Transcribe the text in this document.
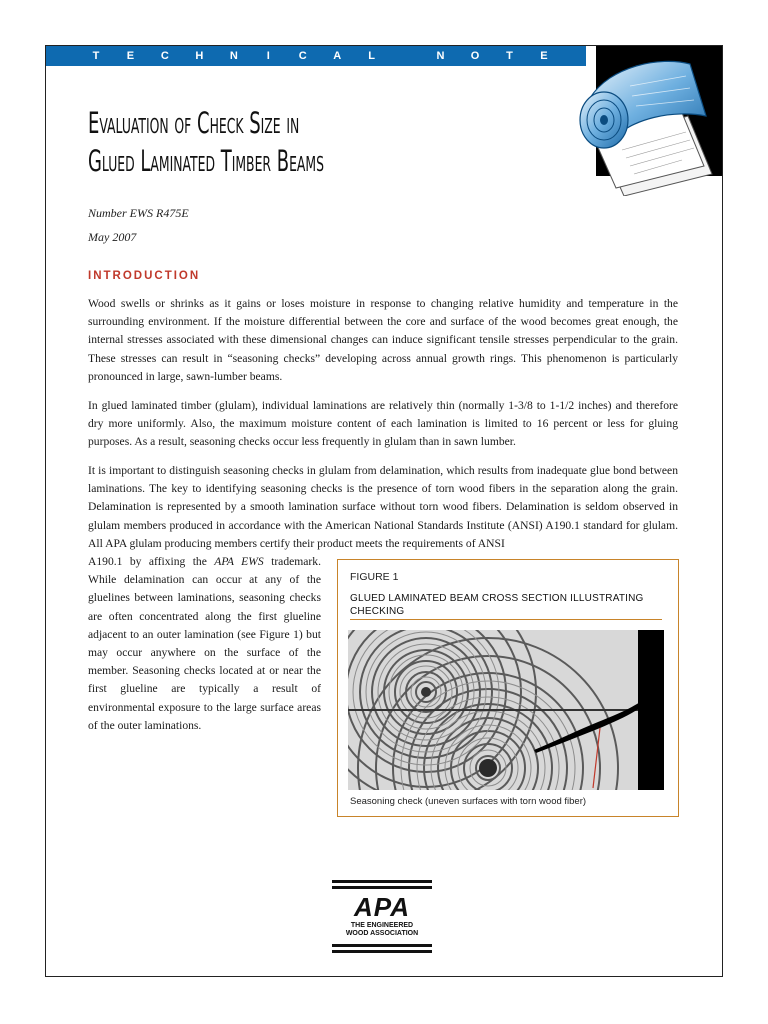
T E C H N	I	C A L	N O T E
Evaluation of Check Size in
Glued Laminated Timber Beams
Number EWS R475E
May 2007
INTRODUCTION

Wood swells or shrinks as it gains or loses moisture in response to changing relative humidity and temperature in the surrounding environment. If the moisture differential between the core and surface of the wood becomes great enough, the internal stresses associated with these dimensional changes can induce significant tensile stresses perpendicular to the grain. These stresses can result in “seasoning checks” developing across annual growth rings. This phenomenon is particularly pronounced in large, sawn-lumber beams.

In glued laminated timber (glulam), individual laminations are relatively thin (normally 1-3/8 to 1-1/2 inches) and therefore dry more uniformly. Also, the maximum moisture content of each lamination is limited to 16 percent or less for gluing purposes. As a result, seasoning checks occur less frequently in glulam than in sawn lumber.

It is important to distinguish seasoning checks in glulam from delamination, which results from inadequate glue bond between laminations. The key to identifying seasoning checks is the presence of torn wood fibers in the separation along the grain. Delamination is represented by a smooth lamination surface without torn wood fibers. Delamination is seldom observed in glulam members produced in accordance with the American National Standards Institute (ANSI) A190.1 standard for glulam. All APA glulam producing members certify their product meets the requirements of ANSI

A190.1 by affixing the APA EWS trademark. While delamination can occur at any of the gluelines between laminations, seasoning checks are often concentrated along the first glueline adjacent to an outer lamination (see Figure 1) but may occur anywhere on the surface of the member. Seasoning checks located at or near the first glueline are typically a result of environmental exposure to the large surface areas of the outer laminations.

FIGURE 1
GLUED LAMINATED BEAM CROSS SECTION ILLUSTRATING CHECKING
Seasoning check (uneven surfaces with torn wood fiber)
APA
THE ENGINEERED
WOOD ASSOCIATION
